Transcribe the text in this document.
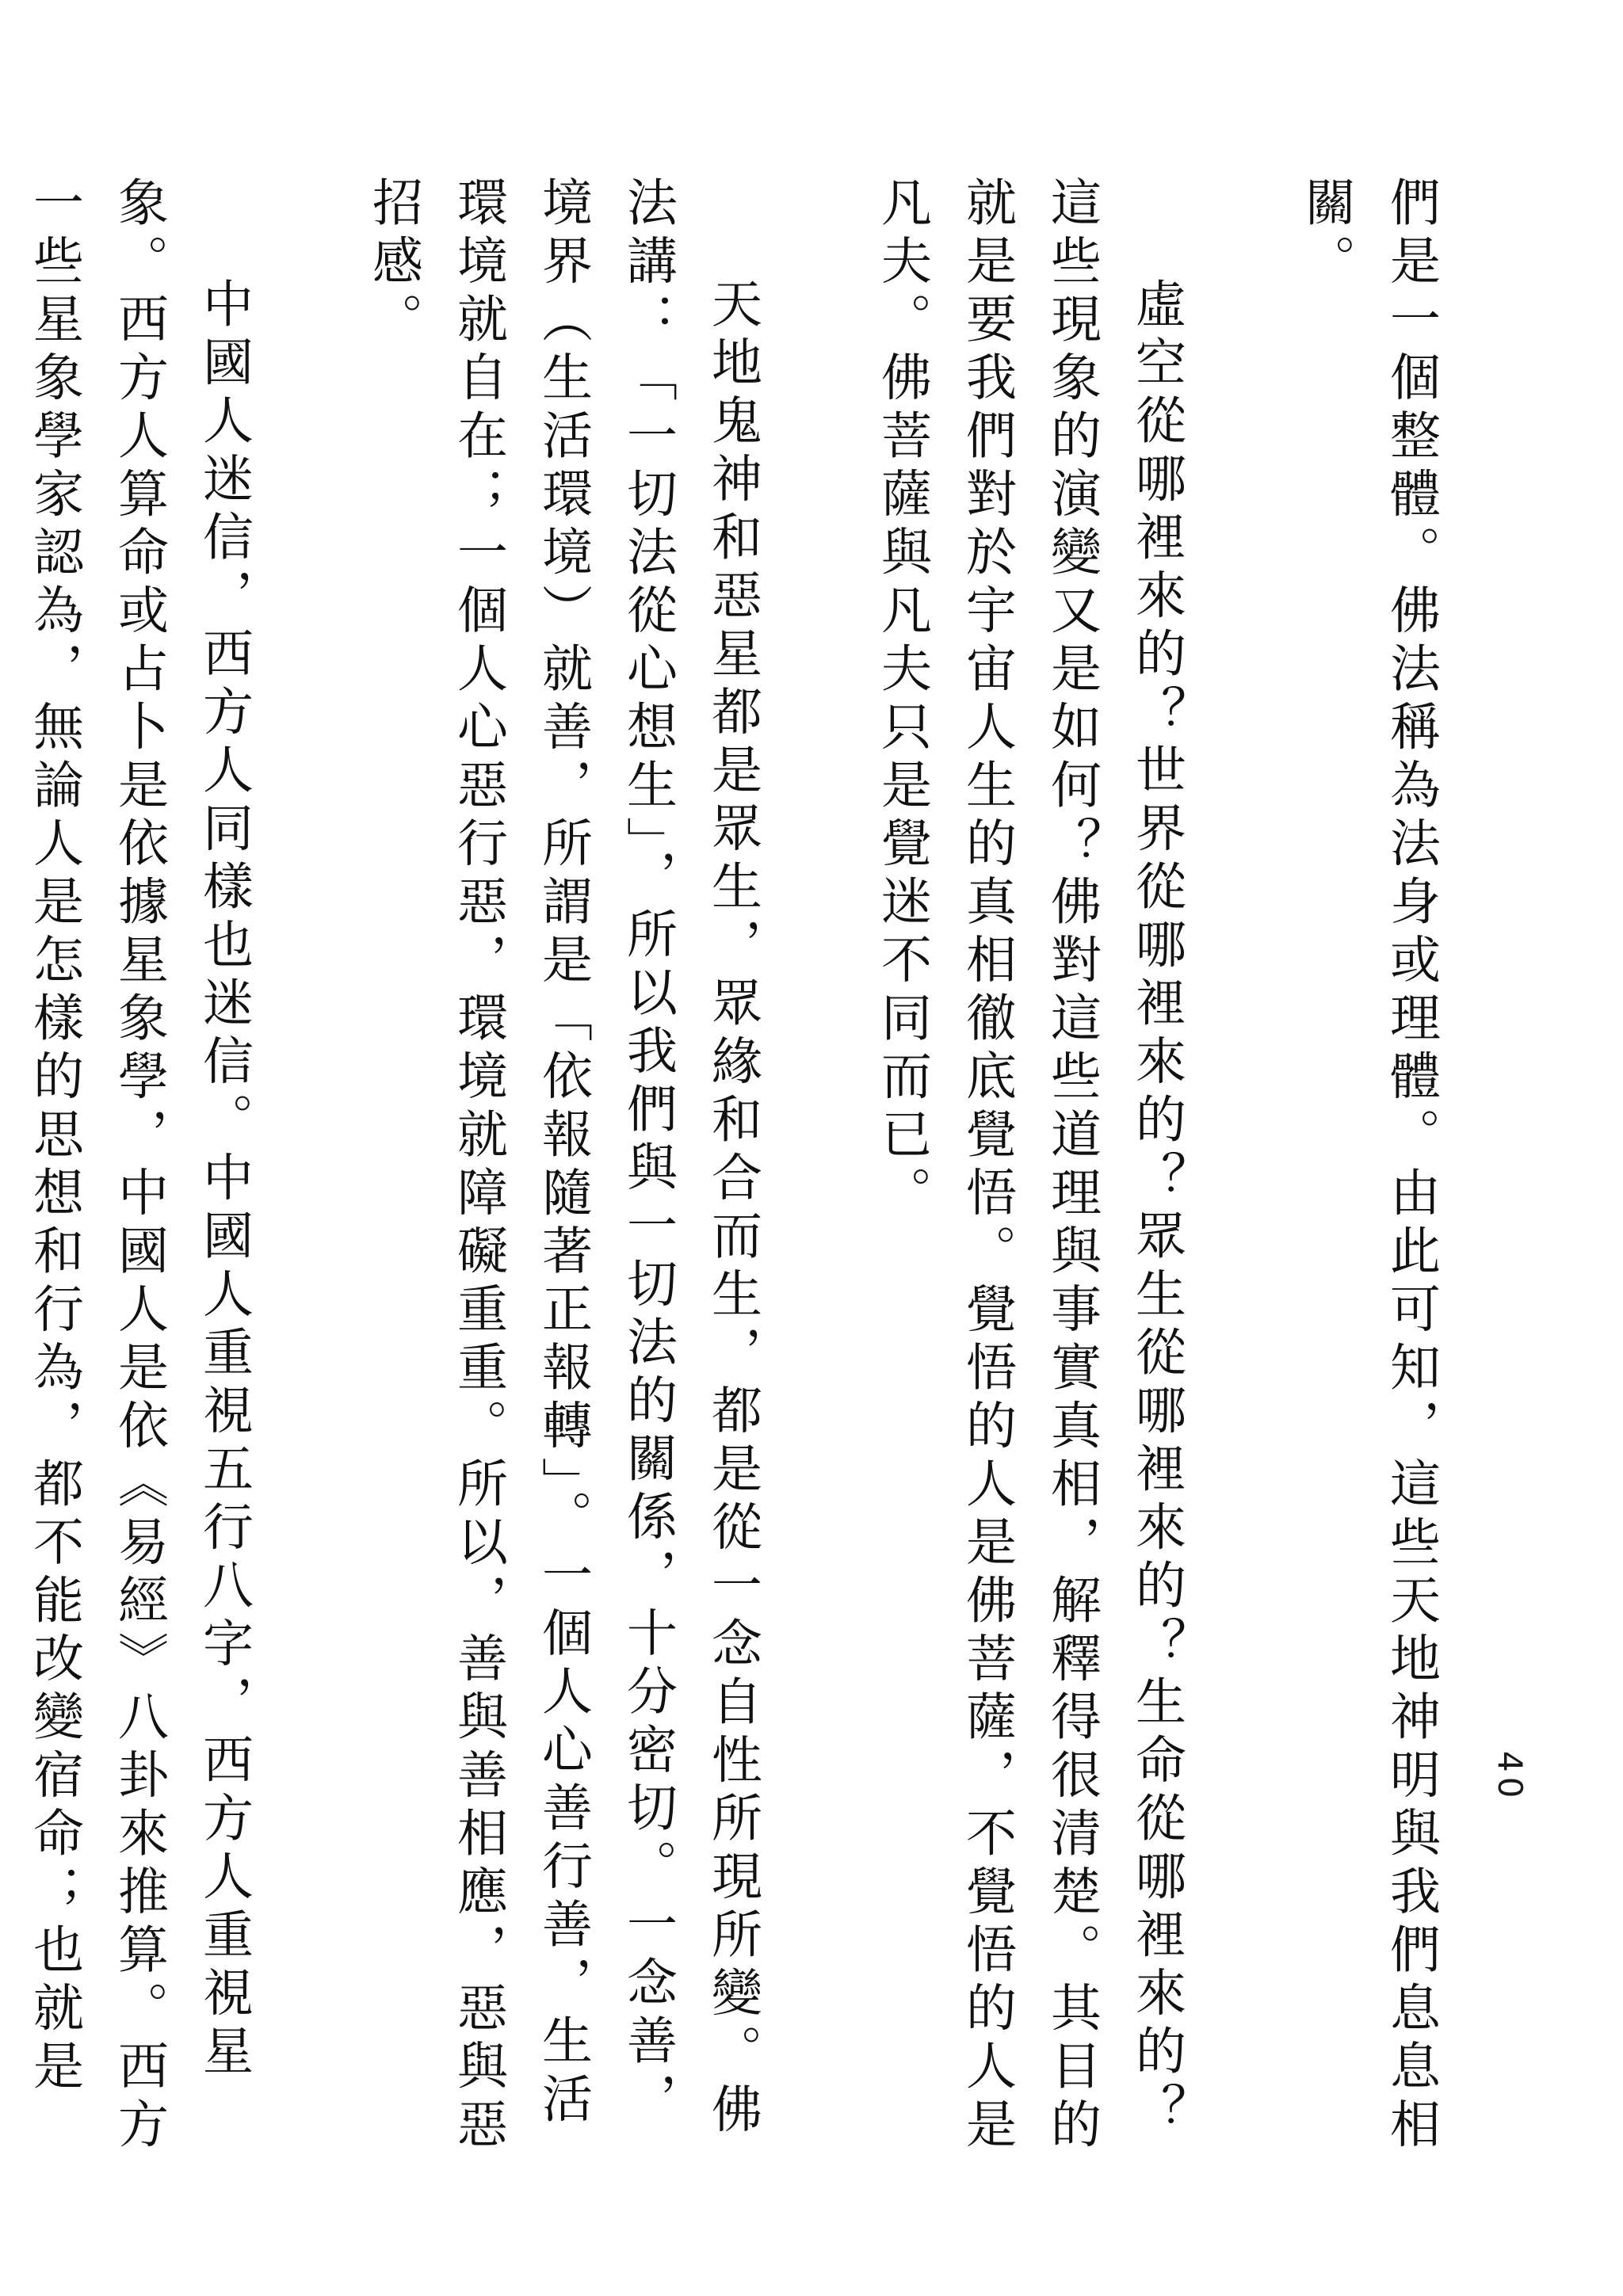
40

們是一個整體。佛法稱為法身或理體。由此可知，這些天地神明與我們息息相關。

虛空從哪裡來的？世界從哪裡來的？眾生從哪裡來的？生命從哪裡來的？這些現象的演變又是如何？佛對這些道理與事實真相，解釋得很清楚。其目的就是要我們對於宇宙人生的真相徹底覺悟。覺悟的人是佛菩薩，不覺悟的人是凡夫。佛菩薩與凡夫只是覺迷不同而已。

天地鬼神和惡星都是眾生，眾緣和合而生，都是從一念自性所現所變。佛法講：「一切法從心想生」，所以我們與一切法的關係，十分密切。一念善，境界（生活環境）就善，所謂是「依報隨著正報轉」。一個人心善行善，生活環境就自在；一個人心惡行惡，環境就障礙重重。所以，善與善相應，惡與惡招感。

中國人迷信，西方人同樣也迷信。中國人重視五行八字，西方人重視星象。西方人算命或占卜是依據星象學，中國人是依《易經》八卦來推算。西方一些星象學家認為，無論人是怎樣的思想和行為，都不能改變宿命；也就是
